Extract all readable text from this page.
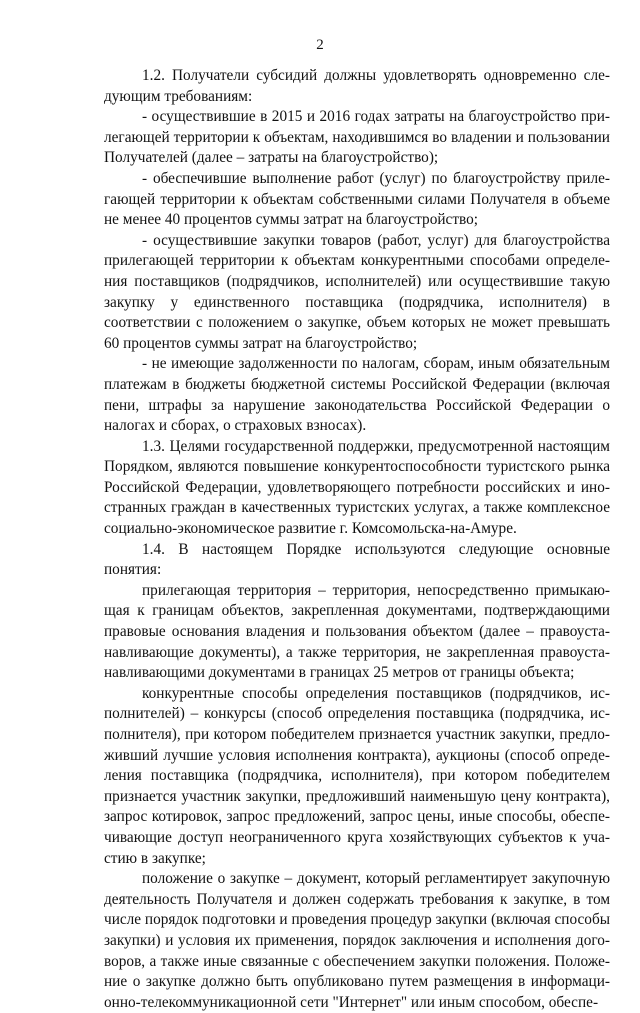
2

1.2. Получатели субсидий должны удовлетворять одновременно следующим требованиям:

- осуществившие в 2015 и 2016 годах затраты на благоустройство прилегающей территории к объектам, находившимся во владении и пользовании Получателей (далее – затраты на благоустройство);

- обеспечившие выполнение работ (услуг) по благоустройству прилегающей территории к объектам собственными силами Получателя в объеме не менее 40 процентов суммы затрат на благоустройство;

- осуществившие закупки товаров (работ, услуг) для благоустройства прилегающей территории к объектам конкурентными способами определения поставщиков (подрядчиков, исполнителей) или осуществившие такую закупку у единственного поставщика (подрядчика, исполнителя) в соответствии с положением о закупке, объем которых не может превышать 60 процентов суммы затрат на благоустройство;

- не имеющие задолженности по налогам, сборам, иным обязательным платежам в бюджеты бюджетной системы Российской Федерации (включая пени, штрафы за нарушение законодательства Российской Федерации о налогах и сборах, о страховых взносах).

1.3. Целями государственной поддержки, предусмотренной настоящим Порядком, являются повышение конкурентоспособности туристского рынка Российской Федерации, удовлетворяющего потребности российских и иностранных граждан в качественных туристских услугах, а также комплексное социально-экономическое развитие г. Комсомольска-на-Амуре.

1.4. В настоящем Порядке используются следующие основные понятия:

прилегающая территория – территория, непосредственно примыкающая к границам объектов, закрепленная документами, подтверждающими правовые основания владения и пользования объектом (далее – правоустанавливающие документы), а также территория, не закрепленная правоустанавливающими документами в границах 25 метров от границы объекта;

конкурентные способы определения поставщиков (подрядчиков, исполнителей) – конкурсы (способ определения поставщика (подрядчика, исполнителя), при котором победителем признается участник закупки, предложивший лучшие условия исполнения контракта), аукционы (способ определения поставщика (подрядчика, исполнителя), при котором победителем признается участник закупки, предложивший наименьшую цену контракта), запрос котировок, запрос предложений, запрос цены, иные способы, обеспечивающие доступ неограниченного круга хозяйствующих субъектов к участию в закупке;

положение о закупке – документ, который регламентирует закупочную деятельность Получателя и должен содержать требования к закупке, в том числе порядок подготовки и проведения процедур закупки (включая способы закупки) и условия их применения, порядок заключения и исполнения договоров, а также иные связанные с обеспечением закупки положения. Положение о закупке должно быть опубликовано путем размещения в информационно-телекоммуникационной сети "Интернет" или иным способом, обеспе-
